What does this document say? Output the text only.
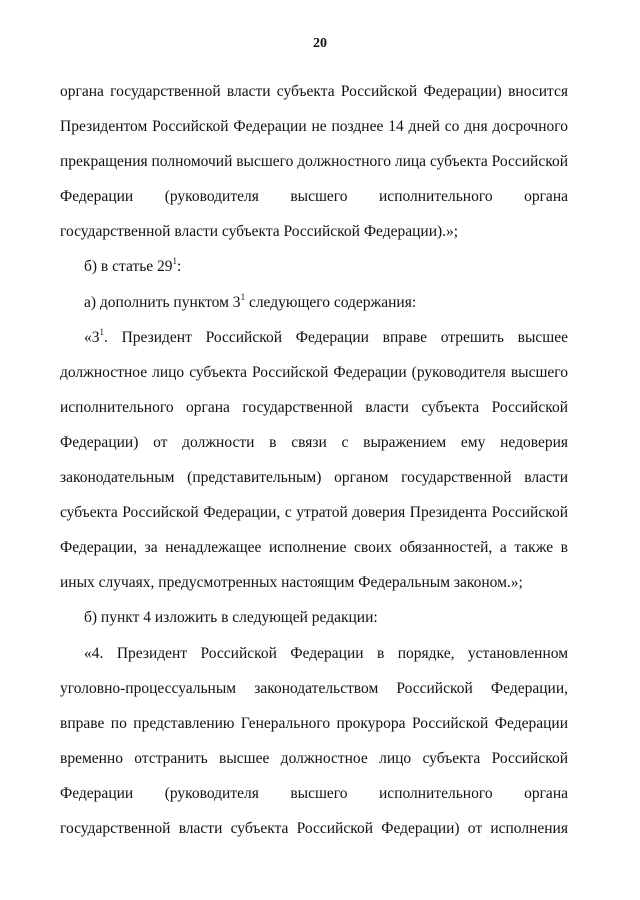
20

органа государственной власти субъекта Российской Федерации) вносится
Президентом Российской Федерации не позднее 14 дней со дня досрочного
прекращения полномочий высшего должностного лица субъекта Российской
Федерации (руководителя высшего исполнительного органа
государственной власти субъекта Российской Федерации).»;

б) в статье $29^1$:

а) дополнить пунктом $3^1$ следующего содержания:

«$3^1$. Президент Российской Федерации вправе отрешить высшее
должностное лицо субъекта Российской Федерации (руководителя высшего
исполнительного органа государственной власти субъекта Российской
Федерации) от должности в связи с выражением ему недоверия
законодательным (представительным) органом государственной власти
субъекта Российской Федерации, с утратой доверия Президента Российской
Федерации, за ненадлежащее исполнение своих обязанностей, а также в
иных случаях, предусмотренных настоящим Федеральным законом.»;

б) пункт 4 изложить в следующей редакции:

«4. Президент Российской Федерации в порядке, установленном
уголовно-процессуальным законодательством Российской Федерации,
вправе по представлению Генерального прокурора Российской Федерации
временно отстранить высшее должностное лицо субъекта Российской
Федерации (руководителя высшего исполнительного органа
государственной власти субъекта Российской Федерации) от исполнения
